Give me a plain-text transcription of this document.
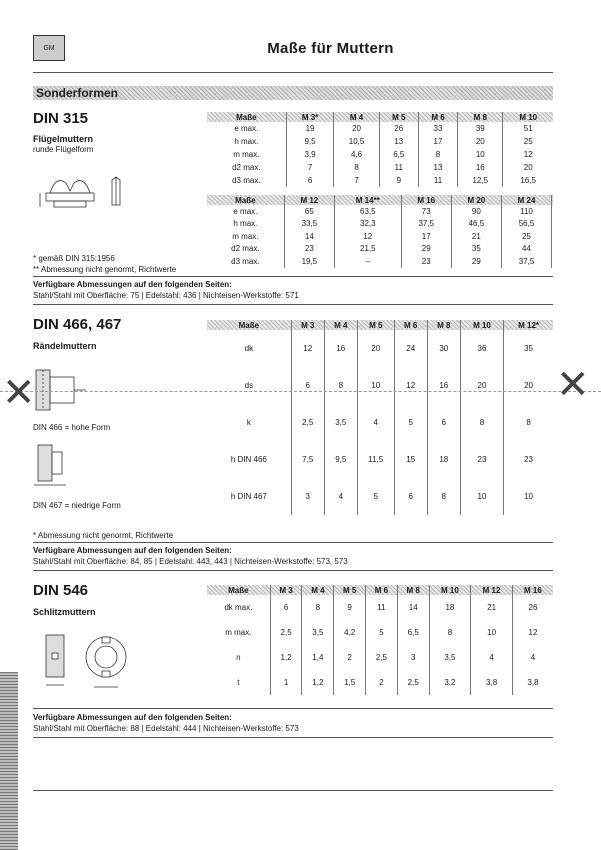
GM	Maße für Muttern
Sonderformen
DIN 315
Flügelmuttern
runde Flügelform
Maße	M 3*	M 4	M 5	M 6	M 8	M 10
e max.	19	20	26	33	39	51
h max.	9,5	10,5	13	17	20	25
m max.	3,9	4,6	6,5	8	10	12
d2 max.	7	8	11	13	16	20
d3 max.	6	7	9	11	12,5	16,5
Maße	M 12	M 14**	M 16	M 20	M 24	
e max.	65	63,5	73	90	110	
h max.	33,5	32,3	37,5	46,5	56,5	
m max.	14	12	17	21	25	
d2 max.	23	21,5	29	35	44	
d3 max.	19,5	–	23	29	37,5	
* gemäß DIN 315:1956
** Abmessung nicht genormt, Richtwerte
Verfügbare Abmessungen auf den folgenden Seiten:
Stahl/Stahl mit Oberfläche: 75 | Edelstahl: 436 | Nichteisen-Werkstoffe: 571
DIN 466, 467
Rändelmuttern
DIN 466 = hohe Form
DIN 467 = niedrige Form
Maße	M 3	M 4	M 5	M 6	M 8	M 10	M 12*
dk	12	16	20	24	30	36	35
ds	6	8	10	12	16	20	20
k	2,5	3,5	4	5	6	8	8
h DIN 466	7,5	9,5	11,5	15	18	23	23
h DIN 467	3	4	5	6	8	10	10
✕	✕
* Abmessung nicht genormt, Richtwerte
Verfügbare Abmessungen auf den folgenden Seiten:
Stahl/Stahl mit Oberfläche: 84, 85 | Edelstahl: 443, 443 | Nichteisen-Werkstoffe: 573, 573
DIN 546
Schlitzmuttern
Maße	M 3	M 4	M 5	M 6	M 8	M 10	M 12	M 16
dk max.	6	8	9	11	14	18	21	26
m max.	2,5	3,5	4,2	5	6,5	8	10	12
n	1,2	1,4	2	2,5	3	3,5	4	4
t	1	1,2	1,5	2	2,5	3,2	3,8	3,8
Verfügbare Abmessungen auf den folgenden Seiten:
Stahl/Stahl mit Oberfläche: 88 | Edelstahl: 444 | Nichteisen-Werkstoffe: 573
